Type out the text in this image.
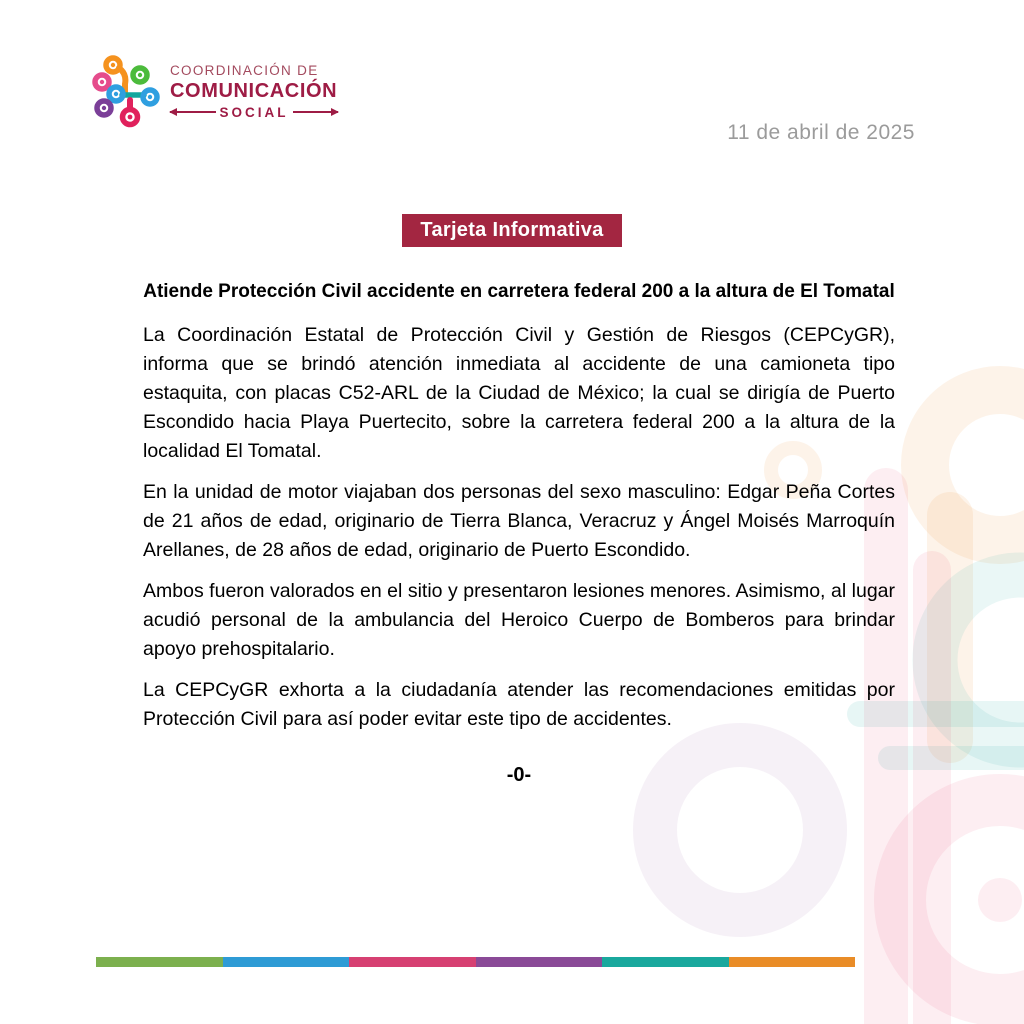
COORDINACIÓN DE
COMUNICACIÓN
SOCIAL
11 de abril de 2025
Tarjeta Informativa
Atiende Protección Civil accidente en carretera federal 200 a la altura de El Tomatal

La Coordinación Estatal de Protección Civil y Gestión de Riesgos (CEPCyGR), informa que se brindó atención inmediata al accidente de una camioneta tipo estaquita, con placas C52-ARL de la Ciudad de México; la cual se dirigía de Puerto Escondido hacia Playa Puertecito, sobre la carretera federal 200 a la altura de la localidad El Tomatal.

En la unidad de motor viajaban dos personas del sexo masculino: Edgar Peña Cortes de 21 años de edad, originario de Tierra Blanca, Veracruz y Ángel Moisés Marroquín Arellanes, de 28 años de edad, originario de Puerto Escondido.

Ambos fueron valorados en el sitio y presentaron lesiones menores. Asimismo, al lugar acudió personal de la ambulancia del Heroico Cuerpo de Bomberos para brindar apoyo prehospitalario.

La CEPCyGR exhorta a la ciudadanía atender las recomendaciones emitidas por Protección Civil para así poder evitar este tipo de accidentes.

-0-
